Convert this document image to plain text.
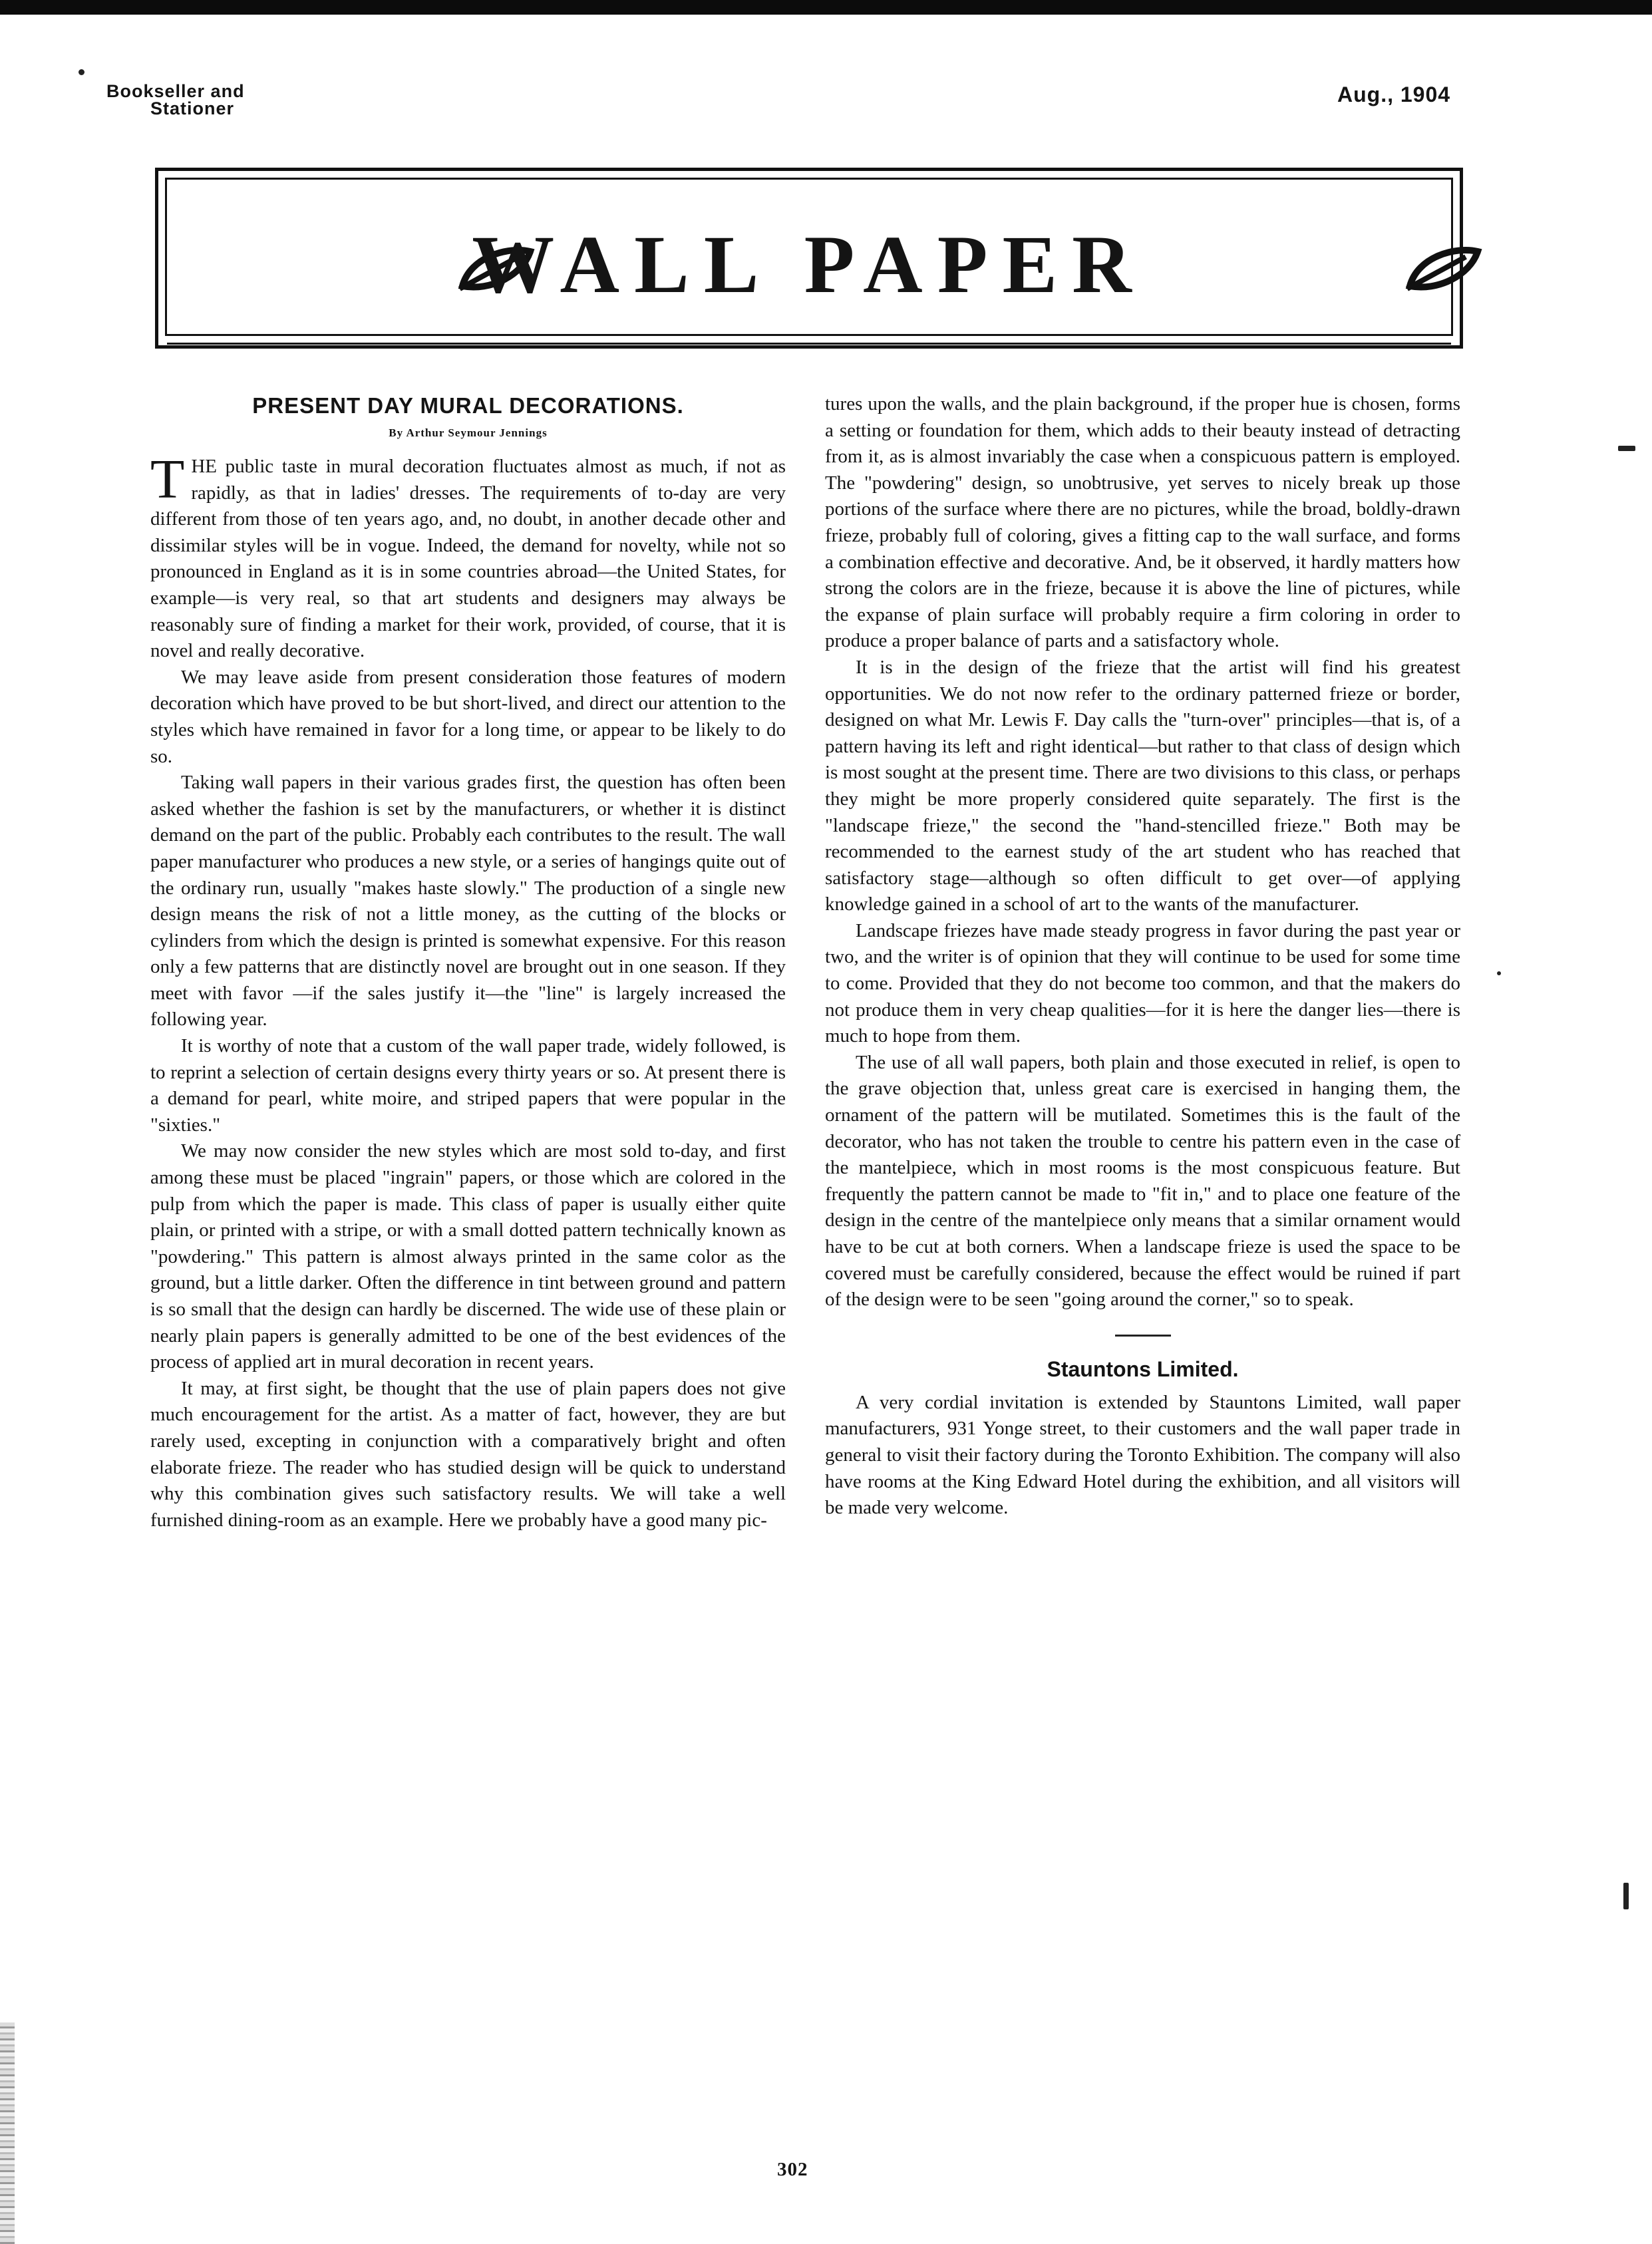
Bookseller and
Stationer
Aug., 1904
WALL PAPER
PRESENT DAY MURAL DECORATIONS.
By Arthur Seymour Jennings

THE public taste in mural decoration fluctuates almost as much, if not as rapidly, as that in ladies' dresses. The requirements of to-day are very different from those of ten years ago, and, no doubt, in another decade other and dissimilar styles will be in vogue. Indeed, the demand for novelty, while not so pronounced in England as it is in some countries abroad—the United States, for example—is very real, so that art students and designers may always be reasonably sure of finding a market for their work, provided, of course, that it is novel and really decorative.

We may leave aside from present consideration those features of modern decoration which have proved to be but short-lived, and direct our attention to the styles which have remained in favor for a long time, or appear to be likely to do so.

Taking wall papers in their various grades first, the question has often been asked whether the fashion is set by the manufacturers, or whether it is distinct demand on the part of the public. Probably each contributes to the result. The wall paper manufacturer who produces a new style, or a series of hangings quite out of the ordinary run, usually "makes haste slowly." The production of a single new design means the risk of not a little money, as the cutting of the blocks or cylinders from which the design is printed is somewhat expensive. For this reason only a few patterns that are distinctly novel are brought out in one season. If they meet with favor —if the sales justify it—the "line" is largely increased the following year.

It is worthy of note that a custom of the wall paper trade, widely followed, is to reprint a selection of certain designs every thirty years or so. At present there is a demand for pearl, white moire, and striped papers that were popular in the "sixties."

We may now consider the new styles which are most sold to-day, and first among these must be placed "ingrain" papers, or those which are colored in the pulp from which the paper is made. This class of paper is usually either quite plain, or printed with a stripe, or with a small dotted pattern technically known as "powdering." This pattern is almost always printed in the same color as the ground, but a little darker. Often the difference in tint between ground and pattern is so small that the design can hardly be discerned. The wide use of these plain or nearly plain papers is generally admitted to be one of the best evidences of the process of applied art in mural decoration in recent years.

It may, at first sight, be thought that the use of plain papers does not give much encouragement for the artist. As a matter of fact, however, they are but rarely used, excepting in conjunction with a comparatively bright and often elaborate frieze. The reader who has studied design will be quick to understand why this combination gives such satisfactory results. We will take a well furnished dining-room as an example. Here we probably have a good many pic-

tures upon the walls, and the plain background, if the proper hue is chosen, forms a setting or foundation for them, which adds to their beauty instead of detracting from it, as is almost invariably the case when a conspicuous pattern is employed. The "powdering" design, so unobtrusive, yet serves to nicely break up those portions of the surface where there are no pictures, while the broad, boldly-drawn frieze, probably full of coloring, gives a fitting cap to the wall surface, and forms a combination effective and decorative. And, be it observed, it hardly matters how strong the colors are in the frieze, because it is above the line of pictures, while the expanse of plain surface will probably require a firm coloring in order to produce a proper balance of parts and a satisfactory whole.

It is in the design of the frieze that the artist will find his greatest opportunities. We do not now refer to the ordinary patterned frieze or border, designed on what Mr. Lewis F. Day calls the "turn-over" principles—that is, of a pattern having its left and right identical—but rather to that class of design which is most sought at the present time. There are two divisions to this class, or perhaps they might be more properly considered quite separately. The first is the "landscape frieze," the second the "hand-stencilled frieze." Both may be recommended to the earnest study of the art student who has reached that satisfactory stage—although so often difficult to get over—of applying knowledge gained in a school of art to the wants of the manufacturer.

Landscape friezes have made steady progress in favor during the past year or two, and the writer is of opinion that they will continue to be used for some time to come. Provided that they do not become too common, and that the makers do not produce them in very cheap qualities—for it is here the danger lies—there is much to hope from them.

The use of all wall papers, both plain and those executed in relief, is open to the grave objection that, unless great care is exercised in hanging them, the ornament of the pattern will be mutilated. Sometimes this is the fault of the decorator, who has not taken the trouble to centre his pattern even in the case of the mantelpiece, which in most rooms is the most conspicuous feature. But frequently the pattern cannot be made to "fit in," and to place one feature of the design in the centre of the mantelpiece only means that a similar ornament would have to be cut at both corners. When a landscape frieze is used the space to be covered must be carefully considered, because the effect would be ruined if part of the design were to be seen "going around the corner," so to speak.

Stauntons Limited.

A very cordial invitation is extended by Stauntons Limited, wall paper manufacturers, 931 Yonge street, to their customers and the wall paper trade in general to visit their factory during the Toronto Exhibition. The company will also have rooms at the King Edward Hotel during the exhibition, and all visitors will be made very welcome.

302
